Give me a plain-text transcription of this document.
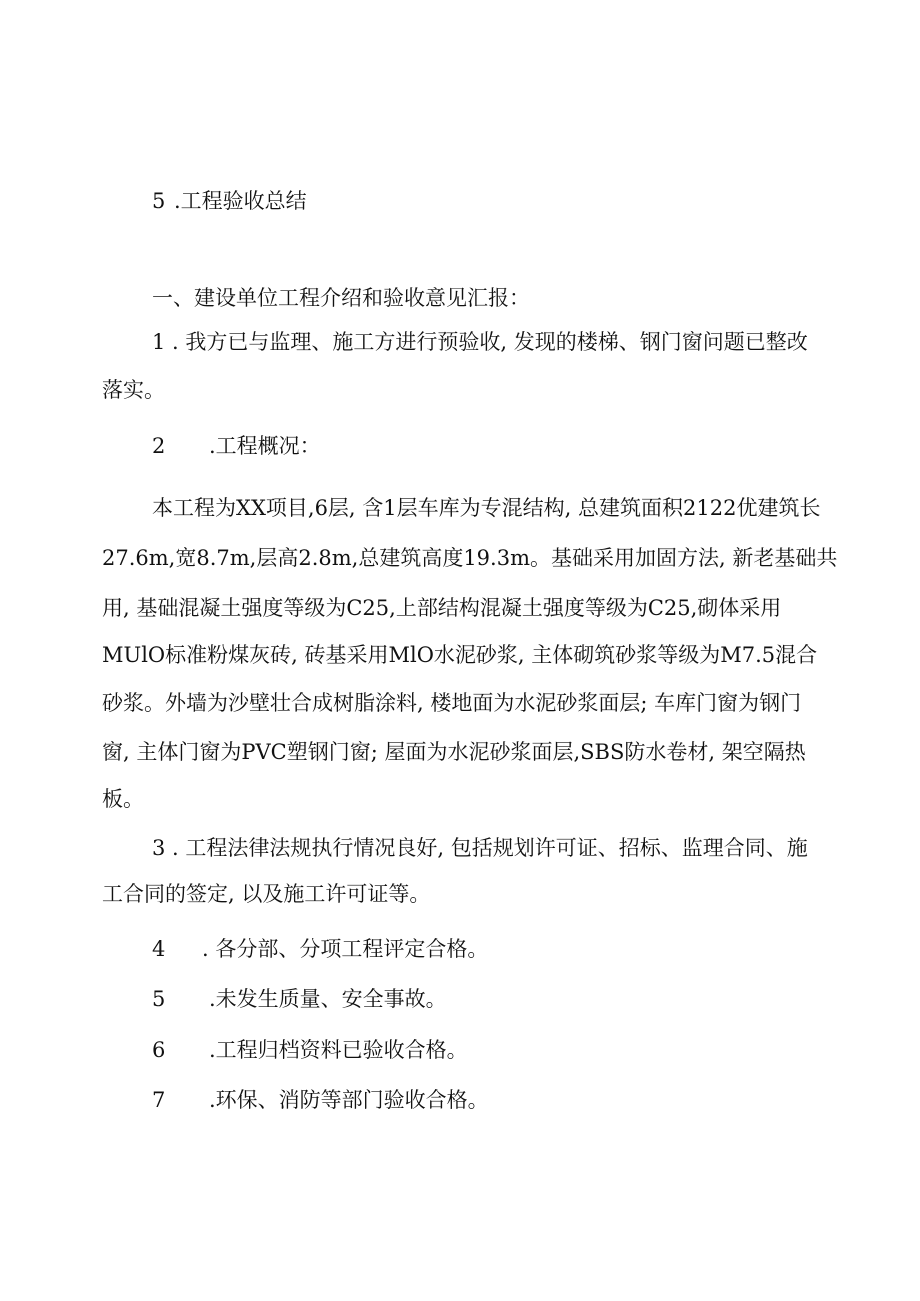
5 .工程验收总结
一、建设单位工程介绍和验收意见汇报：
1 . 我方已与监理、施工方进行预验收, 发现的楼梯、钢门窗问题已整改
落实。
2 .工程概况：
本工程为XX项目,6层, 含1层车库为专混结构, 总建筑面积2122优建筑长
27.6m,宽8.7m,层高2.8m,总建筑高度19.3m。基础采用加固方法, 新老基础共
用, 基础混凝土强度等级为C25,上部结构混凝土强度等级为C25,砌体采用
MUlO标准粉煤灰砖, 砖基采用MlO水泥砂浆, 主体砌筑砂浆等级为M7.5混合
砂浆。外墙为沙壁壮合成树脂涂料, 楼地面为水泥砂浆面层; 车库门窗为钢门
窗, 主体门窗为PVC塑钢门窗; 屋面为水泥砂浆面层,SBS防水卷材, 架空隔热
板。
3 . 工程法律法规执行情况良好, 包括规划许可证、招标、监理合同、施
工合同的签定, 以及施工许可证等。
4 . 各分部、分项工程评定合格。
5 .未发生质量、安全事故。
6 .工程归档资料已验收合格。
7 .环保、消防等部门验收合格。
